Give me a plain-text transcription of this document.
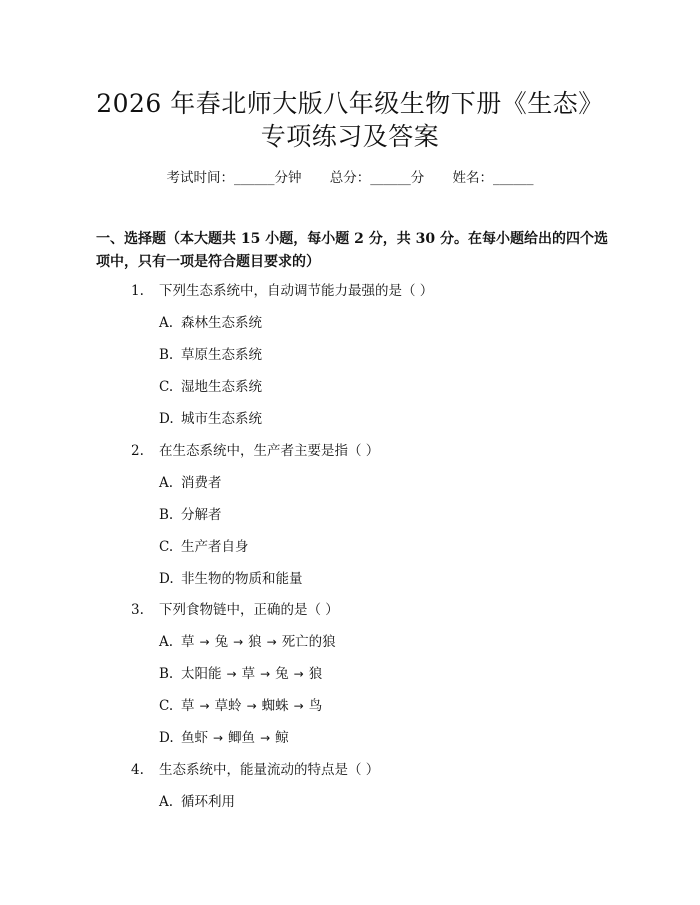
2026 年春北师大版八年级生物下册《生态》
专项练习及答案
考试时间：______分钟 总分：______分 姓名：______
一、选择题（本大题共 15 小题，每小题 2 分，共 30 分。在每小题给出的四个选项中，只有一项是符合题目要求的）
1. 下列生态系统中，自动调节能力最强的是（ ）
A. 森林生态系统
B. 草原生态系统
C. 湿地生态系统
D. 城市生态系统
2. 在生态系统中，生产者主要是指（ ）
A. 消费者
B. 分解者
C. 生产者自身
D. 非生物的物质和能量
3. 下列食物链中，正确的是（ ）
A. 草 → 兔 → 狼 → 死亡的狼
B. 太阳能 → 草 → 兔 → 狼
C. 草 → 草蛉 → 蜘蛛 → 鸟
D. 鱼虾 → 鲫鱼 → 鲸
4. 生态系统中，能量流动的特点是（ ）
A. 循环利用
